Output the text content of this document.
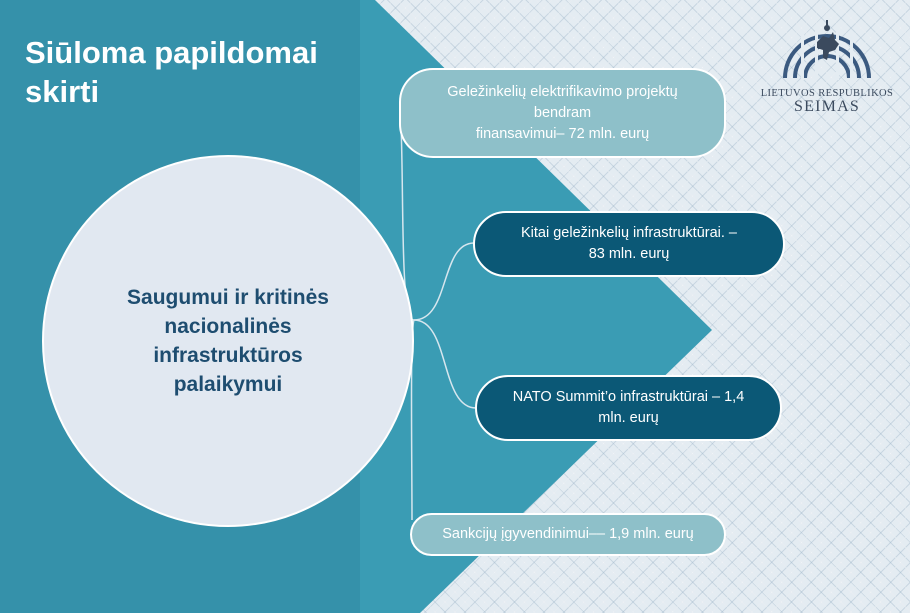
Siūloma papildomai skirti	LIETUVOS RESPUBLIKOS
SEIMAS
Saugumui ir kritinės nacionalinės infrastruktūros palaikymui
Geležinkelių elektrifikavimo projektų
bendram
finansavimui– 72 mln. eurų
Kitai geležinkelių infrastruktūrai. –
83 mln. eurų
NATO Summit’o infrastruktūrai – 1,4
mln. eurų
Sankcijų įgyvendinimui–– 1,9 mln. eurų
